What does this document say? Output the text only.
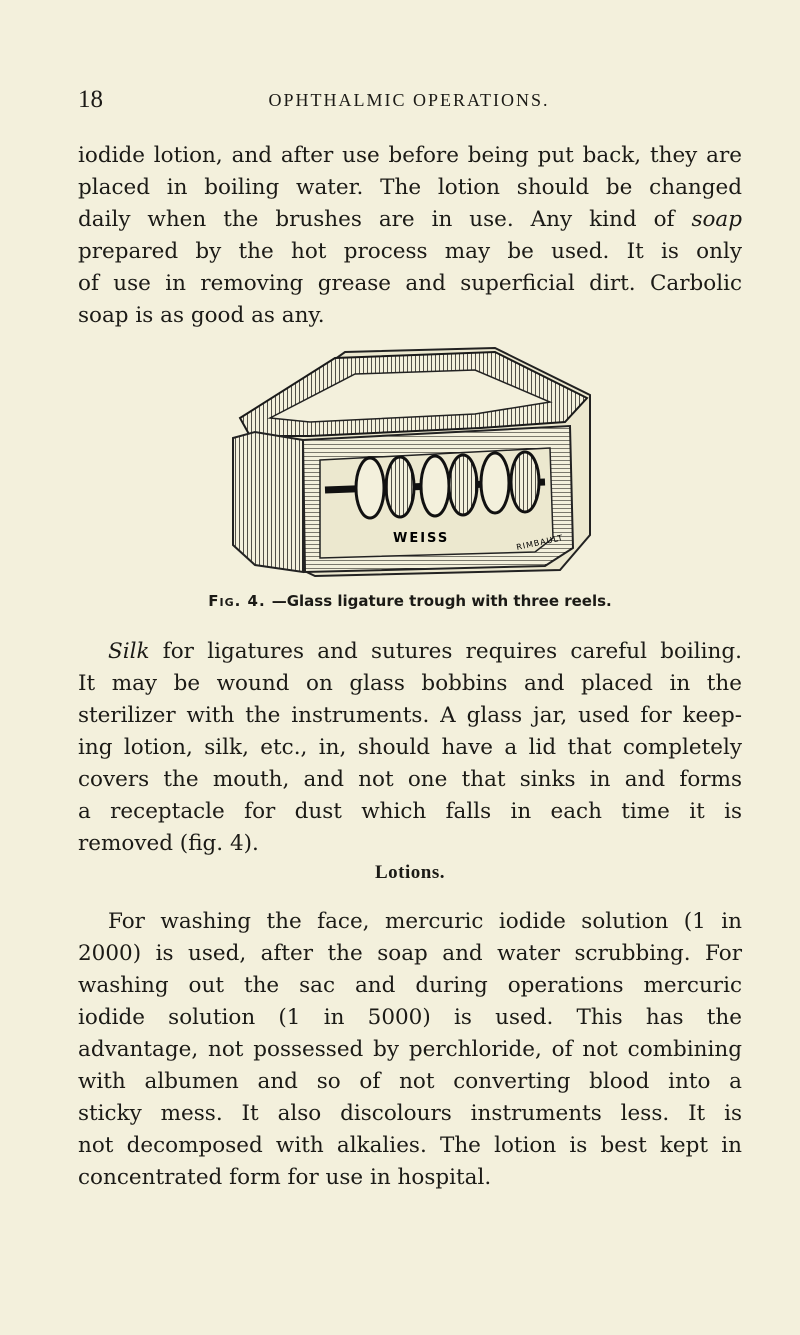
18	OPHTHALMIC OPERATIONS.
iodide lotion, and after use before being put back, they are
placed in boiling water. The lotion should be changed
daily when the brushes are in use. Any kind of soap
prepared by the hot process may be used. It is only
of use in removing grease and superficial dirt. Carbolic
soap is as good as any.
WEISS	RIMBAULT
Fig. 4. —Glass ligature trough with three reels.
Silk for ligatures and sutures requires careful boiling.
It may be wound on glass bobbins and placed in the
sterilizer with the instruments. A glass jar, used for keep-
ing lotion, silk, etc., in, should have a lid that completely
covers the mouth, and not one that sinks in and forms
a receptacle for dust which falls in each time it is
removed (fig. 4).
Lotions.
For washing the face, mercuric iodide solution (1 in
2000) is used, after the soap and water scrubbing. For
washing out the sac and during operations mercuric
iodide solution (1 in 5000) is used. This has the
advantage, not possessed by perchloride, of not combining
with albumen and so of not converting blood into a
sticky mess. It also discolours instruments less. It is
not decomposed with alkalies. The lotion is best kept in
concentrated form for use in hospital.
